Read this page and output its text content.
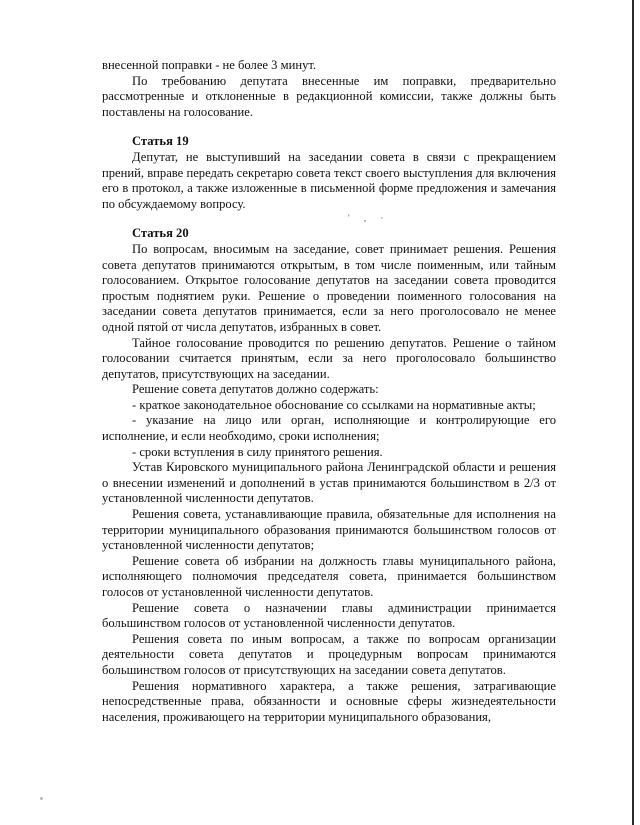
внесенной поправки - не более 3 минут.

По требованию депутата внесенные им поправки, предварительно рассмотренные и отклоненные в редакционной комиссии, также должны быть поставлены на голосование.

Статья 19

Депутат, не выступивший на заседании совета в связи с прекращением прений, вправе передать секретарю совета текст своего выступления для включения его в протокол, а также изложенные в письменной форме предложения и замечания по обсуждаемому вопросу.

Статья 20

По вопросам, вносимым на заседание, совет принимает решения. Решения совета депутатов принимаются открытым, в том числе поименным, или тайным голосованием. Открытое голосование депутатов на заседании совета проводится простым поднятием руки. Решение о проведении поименного голосования на заседании совета депутатов принимается, если за него проголосовало не менее одной пятой от числа депутатов, избранных в совет.

Тайное голосование проводится по решению депутатов. Решение о тайном голосовании считается принятым, если за него проголосовало большинство депутатов, присутствующих на заседании.

Решение совета депутатов должно содержать:

- краткое законодательное обоснование со ссылками на нормативные акты;

- указание на лицо или орган, исполняющие и контролирующие его исполнение, и если необходимо, сроки исполнения;

- сроки вступления в силу принятого решения.

Устав Кировского муниципального района Ленинградской области и решения о внесении изменений и дополнений в устав принимаются большинством в 2/3 от установленной численности депутатов.

Решения совета, устанавливающие правила, обязательные для исполнения на территории муниципального образования принимаются большинством голосов от установленной численности депутатов;

Решение совета об избрании на должность главы муниципального района, исполняющего полномочия председателя совета, принимается большинством голосов от установленной численности депутатов.

Решение совета о назначении главы администрации принимается большинством голосов от установленной численности депутатов.

Решения совета по иным вопросам, а также по вопросам организации деятельности совета депутатов и процедурным вопросам принимаются большинством голосов от присутствующих на заседании совета депутатов.

Решения нормативного характера, а также решения, затрагивающие непосредственные права, обязанности и основные сферы жизнедеятельности населения, проживающего на территории муниципального образования,

' , ·
